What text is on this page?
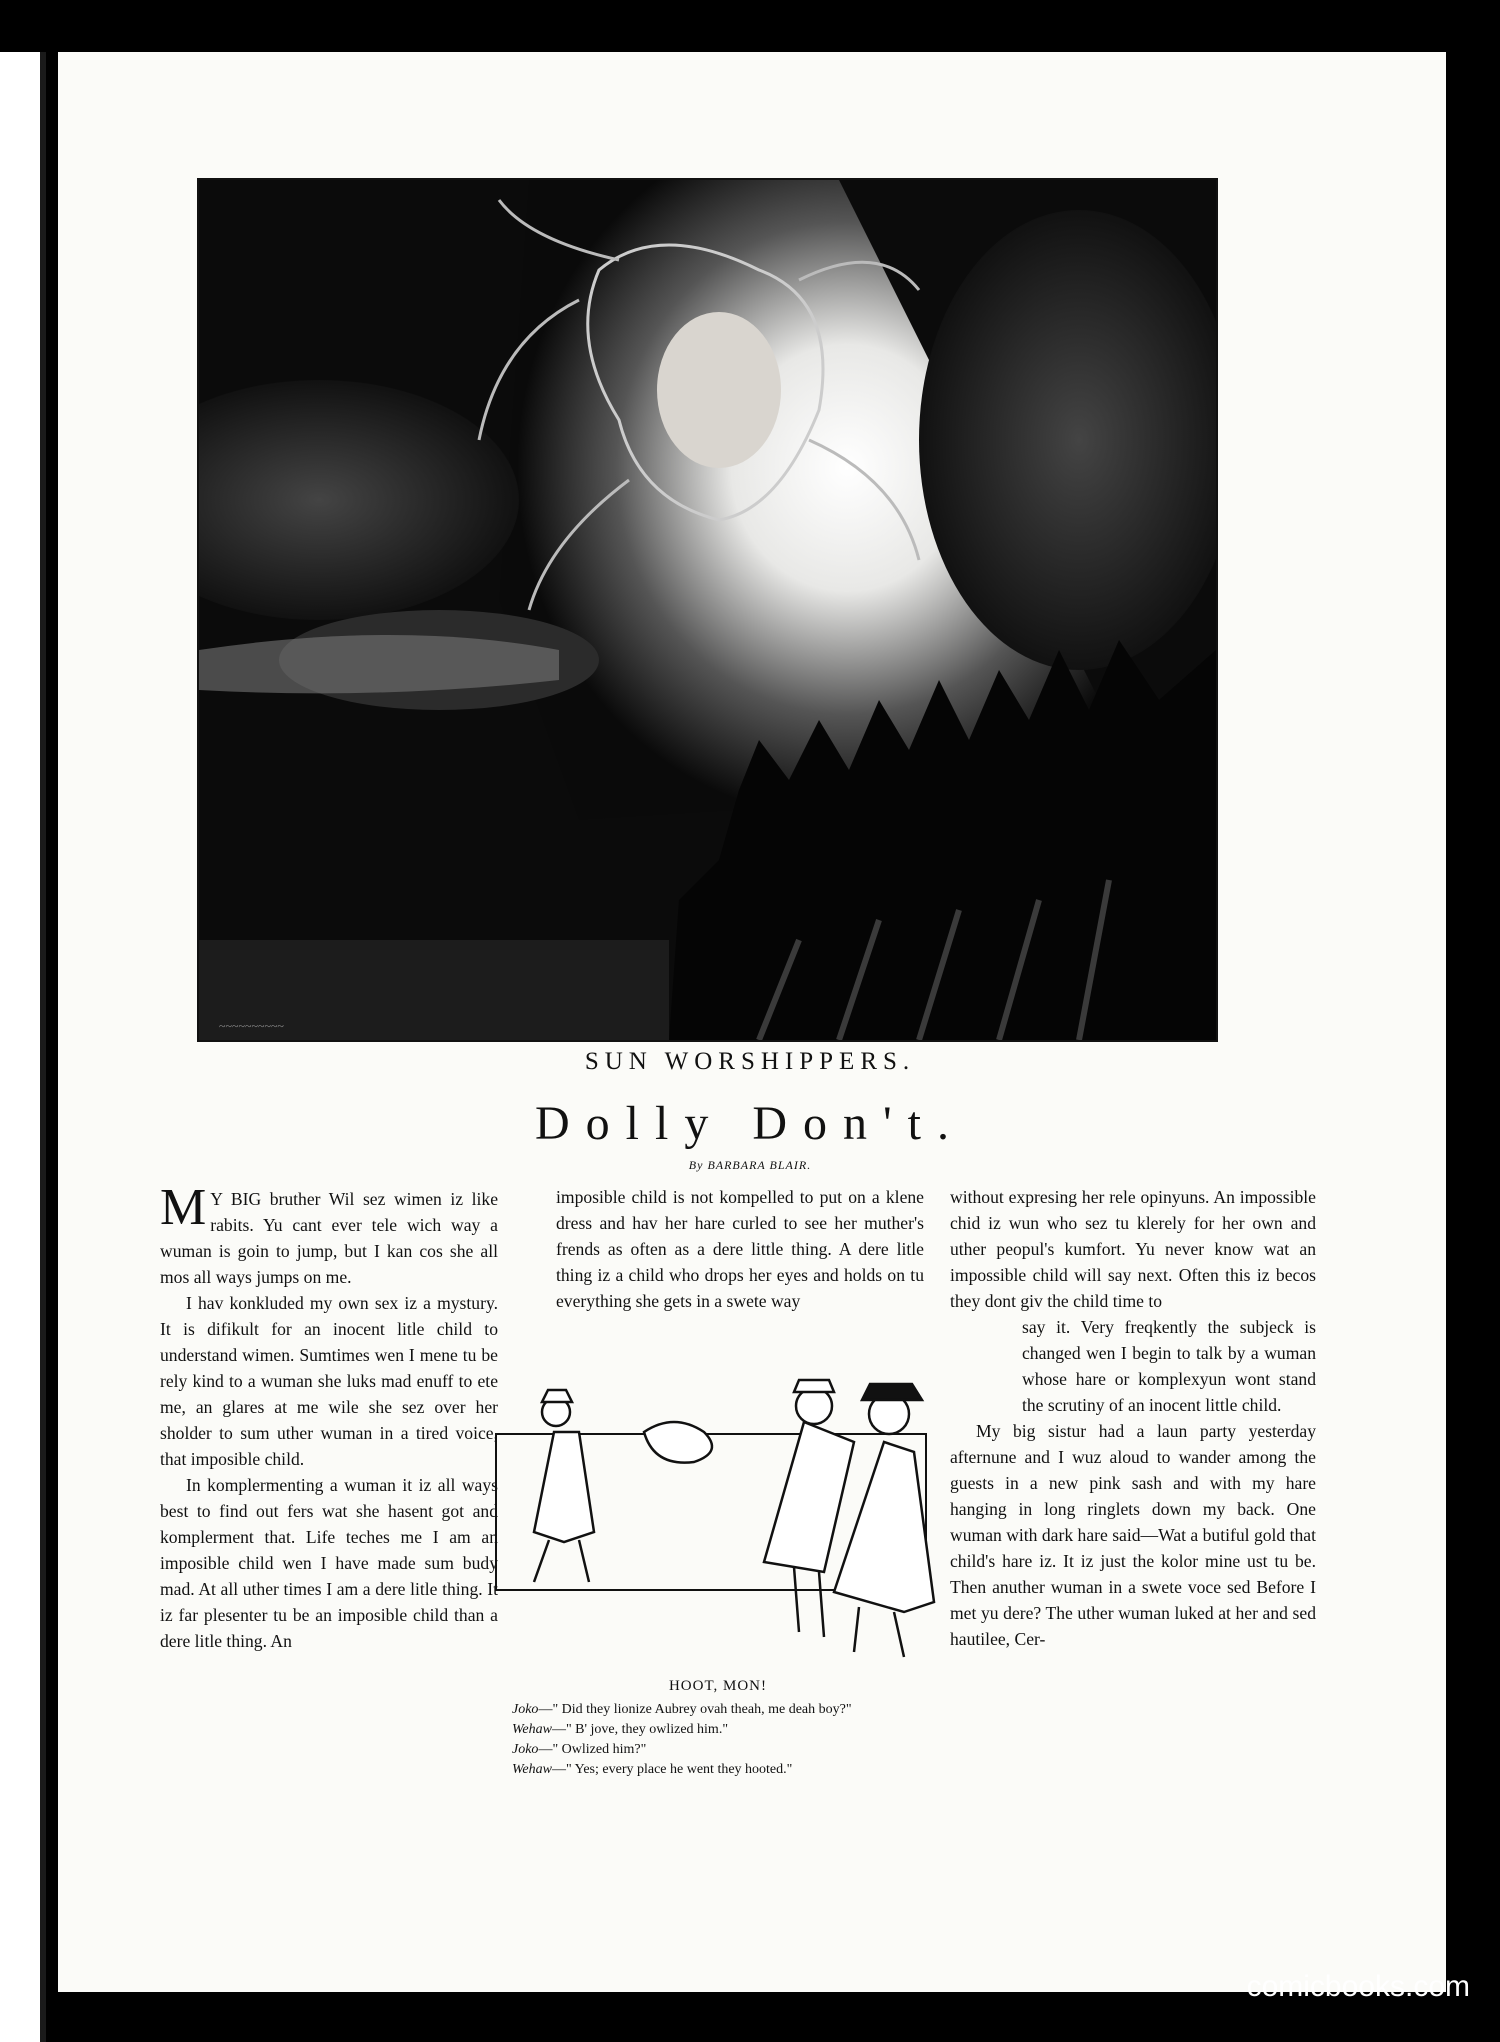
~~~~~~~~~~
SUN WORSHIPPERS.
Dolly Don't.
By BARBARA BLAIR.

M Y BIG bruther Wil sez wimen iz like rabits. Yu cant ever tele wich way a wuman is goin to jump, but I kan cos she all mos all ways jumps on me.

I hav konkluded my own sex iz a mystury. It is difikult for an inocent litle child to understand wimen. Sumtimes wen I mene tu be rely kind to a wuman she luks mad enuff to ete me, an glares at me wile she sez over her sholder to sum uther wuman in a tired voice, that imposible child.

In komplermenting a wuman it iz all ways best to find out fers wat she hasent got and komplerment that. Life teches me I am an imposible child wen I have made sum budy mad. At all uther times I am a dere litle thing. It iz far plesenter tu be an imposible child than a dere litle thing. An

imposible child is not kompelled to put on a klene dress and hav her hare curled to see her muther's frends as often as a dere little thing. A dere litle thing iz a child who drops her eyes and holds on tu everything she gets in a swete way

without expresing her rele opinyuns. An impossible chid iz wun who sez tu klerely for her own and uther peopul's kumfort. Yu never know wat an impossible child will say next. Often this iz becos they dont giv the child time to

say it. Very freqkently the subjeck is changed wen I begin to talk by a wuman whose hare or komplexyun wont stand the scrutiny of an inocent little child.

My big sistur had a laun party yesterday afternune and I wuz aloud to wander among the guests in a new pink sash and with my hare hanging in long ringlets down my back. One wuman with dark hare said—Wat a butiful gold that child's hare iz. It iz just the kolor mine ust tu be. Then anuther wuman in a swete voce sed Before I met yu dere? The uther wuman luked at her and sed hautilee, Cer-

HOOT, MON!
Joko—" Did they lionize Aubrey ovah theah, me deah boy?"
Wehaw—" B' jove, they owlized him."
Joko—" Owlized him?"
Wehaw—" Yes; every place he went they hooted."
comicbooks.com
